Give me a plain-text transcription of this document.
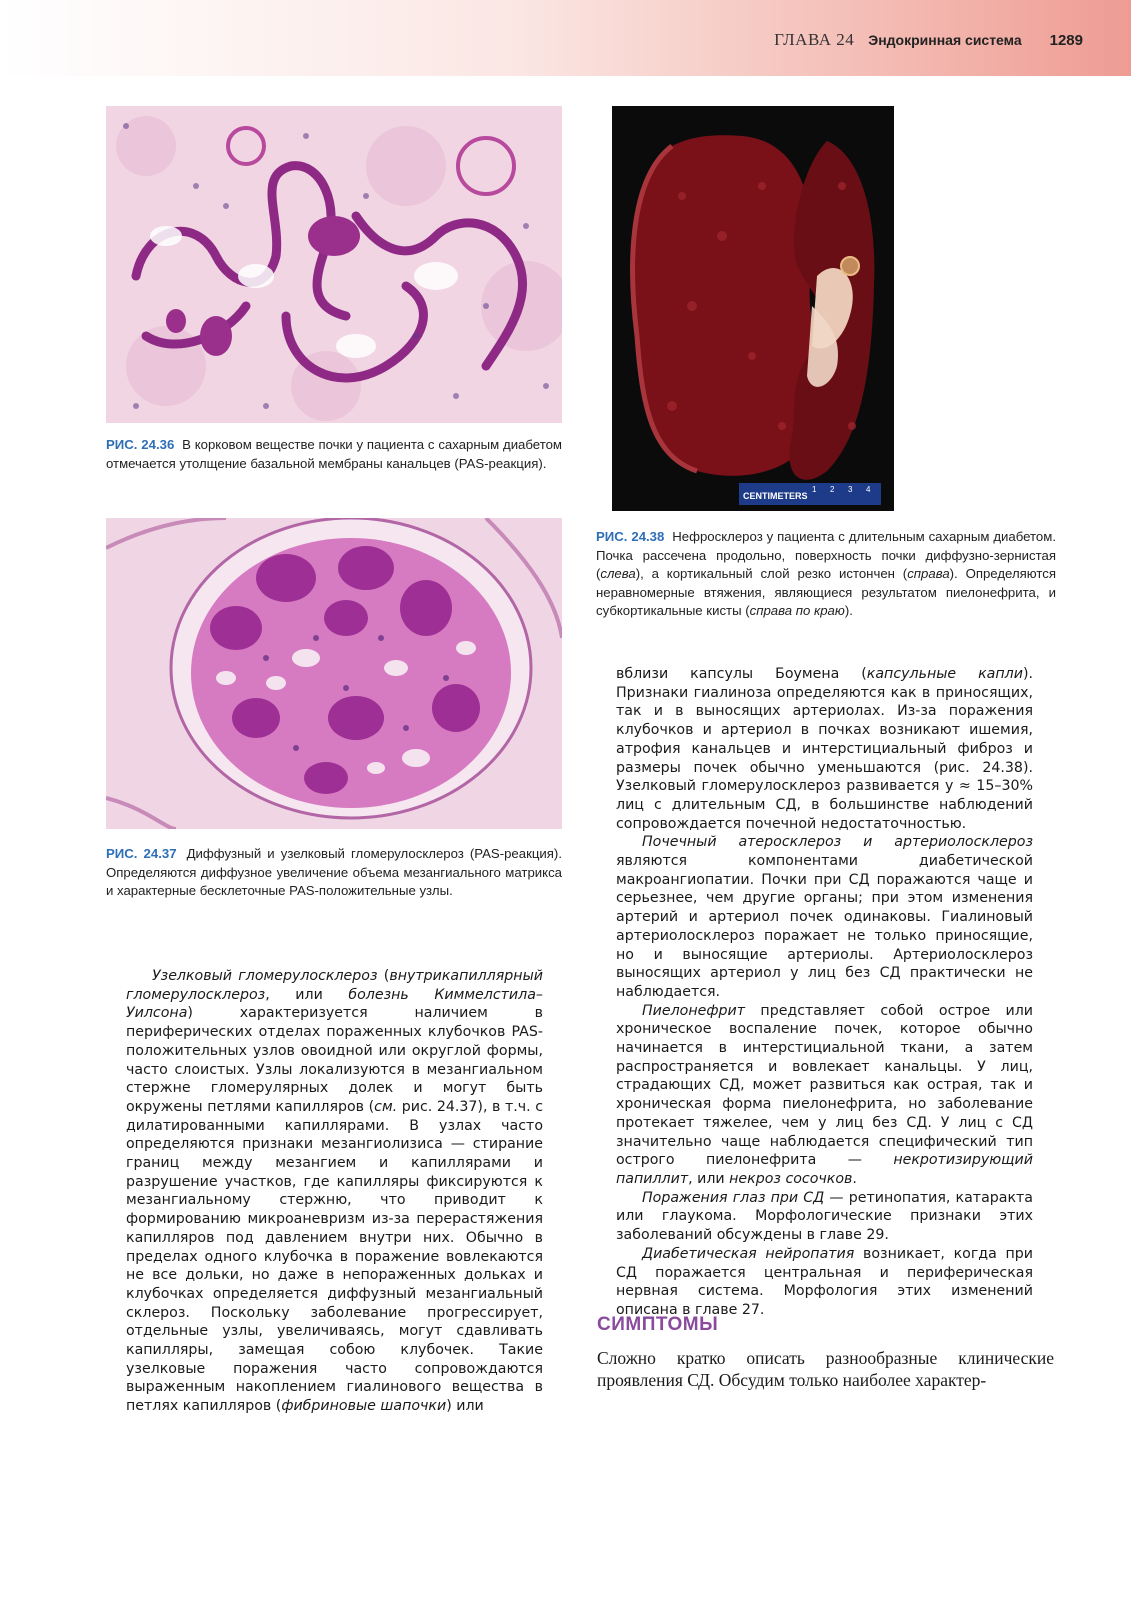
ГЛАВА 24 Эндокринная система 1289
РИС. 24.36 В корковом веществе почки у пациента с сахарным диабетом отмечается утолщение базальной мембраны канальцев (PAS-реакция).
CENTIMETERS
1 2 3 4
РИС. 24.38 Нефросклероз у пациента с длительным сахарным диабетом. Почка рассечена продольно, поверхность почки диффузно-зернистая (слева), а кортикальный слой резко истончен (справа). Определяются неравномерные втяжения, являющиеся результатом пиелонефрита, и субкортикальные кисты (справа по краю).
РИС. 24.37 Диффузный и узелковый гломерулосклероз (PAS-реакция). Определяются диффузное увеличение объема мезангиального матрикса и характерные бесклеточные PAS-положительные узлы.

Узелковый гломерулосклероз (внутрикапиллярный гломерулосклероз, или болезнь Киммелстила–Уилсона) характеризуется наличием в периферических отделах пораженных клубочков PAS-положительных узлов овоидной или округлой формы, часто слоистых. Узлы локализуются в мезангиальном стержне гломерулярных долек и могут быть окружены петлями капилляров (см. рис. 24.37), в т.ч. с дилатированными капиллярами. В узлах часто определяются признаки мезангиолизиса — стирание границ между мезангием и капиллярами и разрушение участков, где капилляры фиксируются к мезангиальному стержню, что приводит к формированию микроаневризм из-за перерастяжения капилляров под давлением внутри них. Обычно в пределах одного клубочка в поражение вовлекаются не все дольки, но даже в непораженных дольках и клубочках определяется диффузный мезангиальный склероз. Поскольку заболевание прогрессирует, отдельные узлы, увеличиваясь, могут сдавливать капилляры, замещая собою клубочек. Такие узелковые поражения часто сопровождаются выраженным накоплением гиалинового вещества в петлях капилляров (фибриновые шапочки) или

вблизи капсулы Боумена (капсульные капли). Признаки гиалиноза определяются как в приносящих, так и в выносящих артериолах. Из-за поражения клубочков и артериол в почках возникают ишемия, атрофия канальцев и интерстициальный фиброз и размеры почек обычно уменьшаются (рис. 24.38). Узелковый гломерулосклероз развивается у ≈ 15–30% лиц с длительным СД, в большинстве наблюдений сопровождается почечной недостаточностью.

Почечный атеросклероз и артериолосклероз являются компонентами диабетической макроангиопатии. Почки при СД поражаются чаще и серьезнее, чем другие органы; при этом изменения артерий и артериол почек одинаковы. Гиалиновый артериолосклероз поражает не только приносящие, но и выносящие артериолы. Артериолосклероз выносящих артериол у лиц без СД практически не наблюдается.

Пиелонефрит представляет собой острое или хроническое воспаление почек, которое обычно начинается в интерстициальной ткани, а затем распространяется и вовлекает канальцы. У лиц, страдающих СД, может развиться как острая, так и хроническая форма пиелонефрита, но заболевание протекает тяжелее, чем у лиц без СД. У лиц с СД значительно чаще наблюдается специфический тип острого пиелонефрита — некротизирующий папиллит, или некроз сосочков.

Поражения глаз при СД — ретинопатия, катаракта или глаукома. Морфологические признаки этих заболеваний обсуждены в главе 29.

Диабетическая нейропатия возникает, когда при СД поражается центральная и периферическая нервная система. Морфология этих изменений описана в главе 27.

СИМПТОМЫ
Сложно кратко описать разнообразные клинические проявления СД. Обсудим только наиболее характер-
